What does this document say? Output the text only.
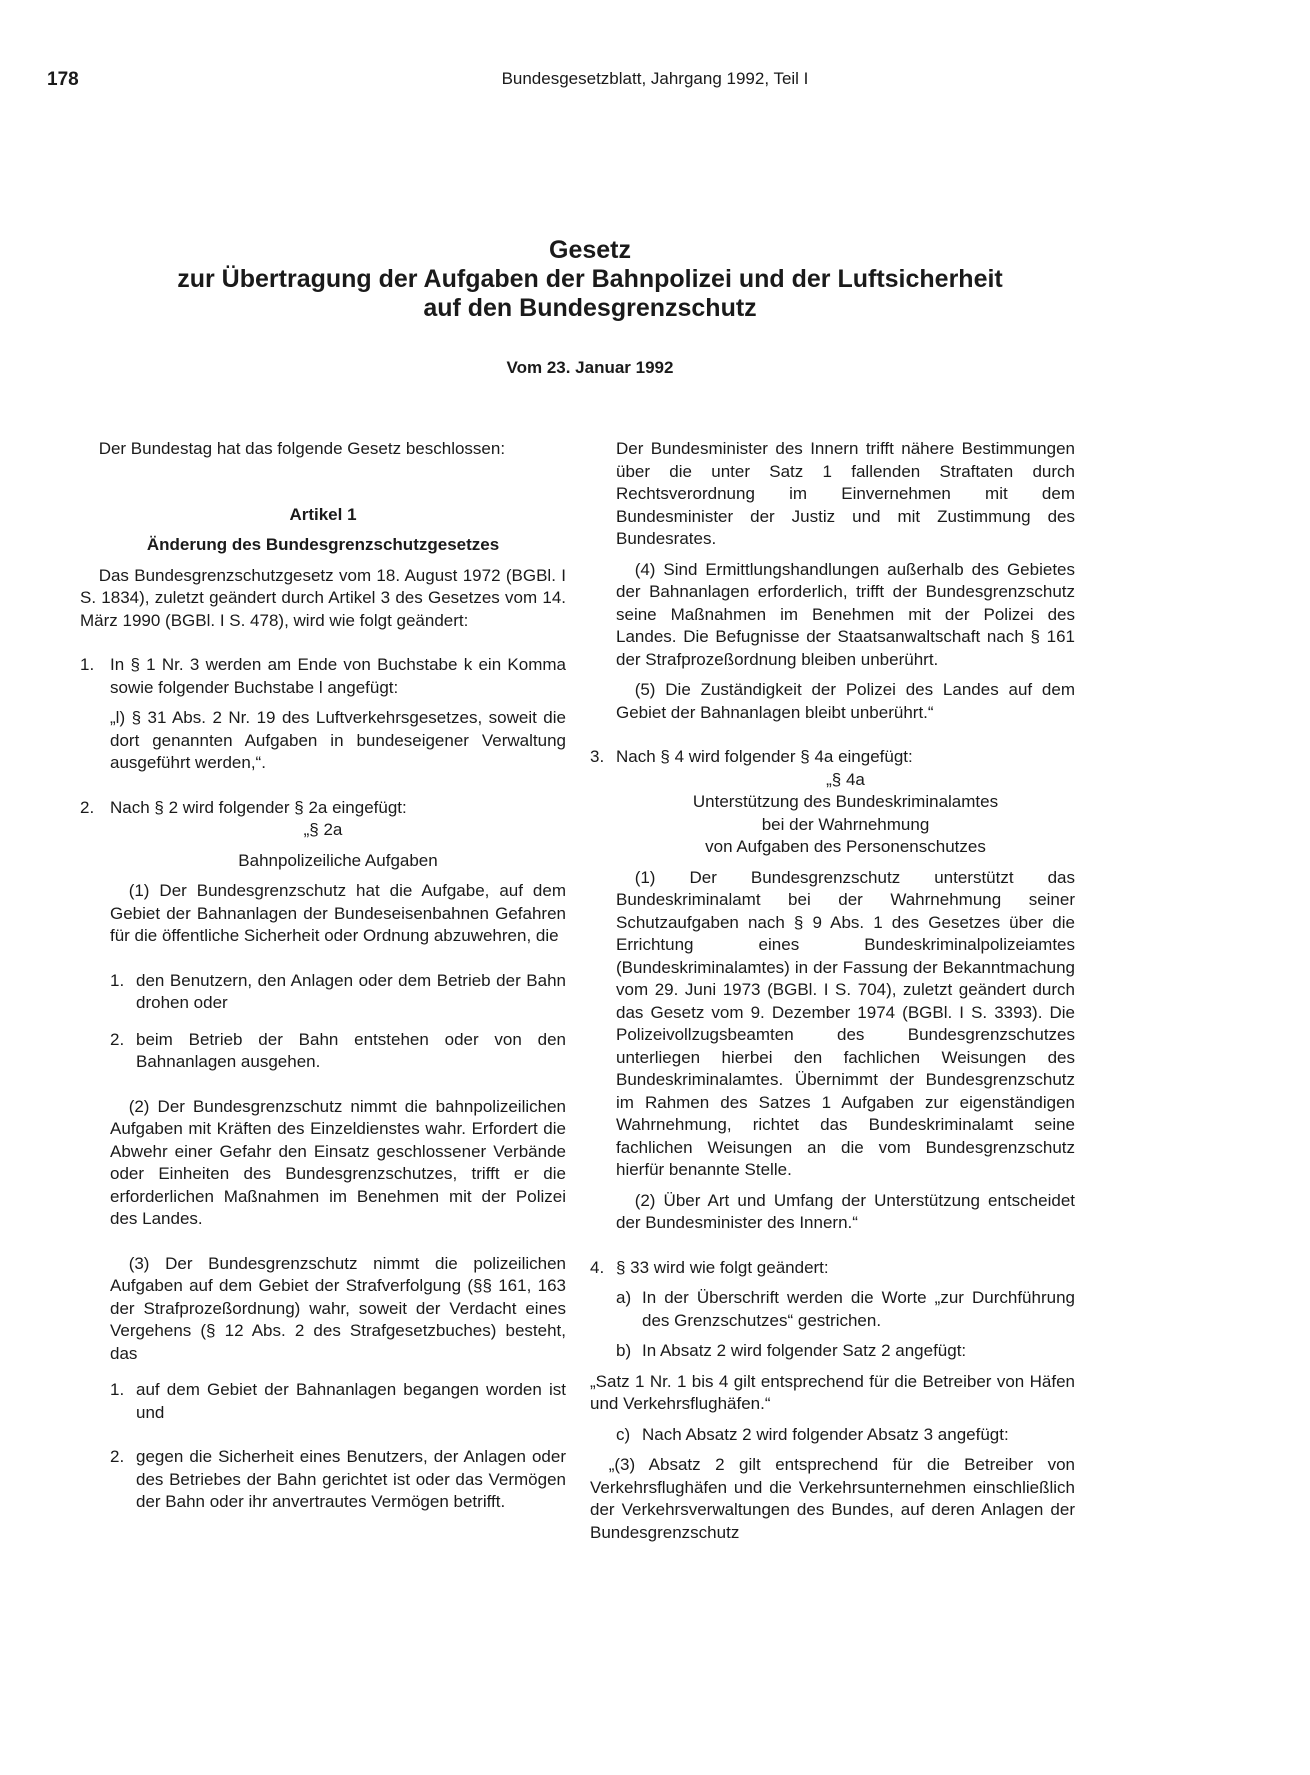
178	Bundesgesetzblatt, Jahrgang 1992, Teil I
Gesetz
zur Übertragung der Aufgaben der Bahnpolizei und der Luftsicherheit
auf den Bundesgrenzschutz
Vom 23. Januar 1992

Der Bundestag hat das folgende Gesetz beschlossen:

Artikel 1

Änderung des Bundesgrenzschutzgesetzes

Das Bundesgrenzschutzgesetz vom 18. August 1972 (BGBl. I S. 1834), zuletzt geändert durch Artikel 3 des Gesetzes vom 14. März 1990 (BGBl. I S. 478), wird wie folgt geändert:

1. In § 1 Nr. 3 werden am Ende von Buchstabe k ein Komma sowie folgender Buchstabe l angefügt:

„l) § 31 Abs. 2 Nr. 19 des Luftverkehrsgesetzes, soweit die dort genannten Aufgaben in bundeseigener Verwaltung ausgeführt werden,“.

2. Nach § 2 wird folgender § 2a eingefügt:

„§ 2a

Bahnpolizeiliche Aufgaben

(1) Der Bundesgrenzschutz hat die Aufgabe, auf dem Gebiet der Bahnanlagen der Bundeseisenbahnen Gefahren für die öffentliche Sicherheit oder Ordnung abzuwehren, die

1. den Benutzern, den Anlagen oder dem Betrieb der Bahn drohen oder
2. beim Betrieb der Bahn entstehen oder von den Bahnanlagen ausgehen.

(2) Der Bundesgrenzschutz nimmt die bahnpolizeilichen Aufgaben mit Kräften des Einzeldienstes wahr. Erfordert die Abwehr einer Gefahr den Einsatz geschlossener Verbände oder Einheiten des Bundesgrenzschutzes, trifft er die erforderlichen Maßnahmen im Benehmen mit der Polizei des Landes.

(3) Der Bundesgrenzschutz nimmt die polizeilichen Aufgaben auf dem Gebiet der Strafverfolgung (§§ 161, 163 der Strafprozeßordnung) wahr, soweit der Verdacht eines Vergehens (§ 12 Abs. 2 des Strafgesetzbuches) besteht, das

1. auf dem Gebiet der Bahnanlagen begangen worden ist und
2. gegen die Sicherheit eines Benutzers, der Anlagen oder des Betriebes der Bahn gerichtet ist oder das Vermögen der Bahn oder ihr anvertrautes Vermögen betrifft.

Der Bundesminister des Innern trifft nähere Bestimmungen über die unter Satz 1 fallenden Straftaten durch Rechtsverordnung im Einvernehmen mit dem Bundesminister der Justiz und mit Zustimmung des Bundesrates.

(4) Sind Ermittlungshandlungen außerhalb des Gebietes der Bahnanlagen erforderlich, trifft der Bundesgrenzschutz seine Maßnahmen im Benehmen mit der Polizei des Landes. Die Befugnisse der Staatsanwaltschaft nach § 161 der Strafprozeßordnung bleiben unberührt.

(5) Die Zuständigkeit der Polizei des Landes auf dem Gebiet der Bahnanlagen bleibt unberührt.“

3. Nach § 4 wird folgender § 4a eingefügt:

„§ 4a

Unterstützung des Bundeskriminalamtes

bei der Wahrnehmung

von Aufgaben des Personenschutzes

(1) Der Bundesgrenzschutz unterstützt das Bundeskriminalamt bei der Wahrnehmung seiner Schutzaufgaben nach § 9 Abs. 1 des Gesetzes über die Errichtung eines Bundeskriminalpolizeiamtes (Bundeskriminalamtes) in der Fassung der Bekanntmachung vom 29. Juni 1973 (BGBl. I S. 704), zuletzt geändert durch das Gesetz vom 9. Dezember 1974 (BGBl. I S. 3393). Die Polizeivollzugsbeamten des Bundesgrenzschutzes unterliegen hierbei den fachlichen Weisungen des Bundeskriminalamtes. Übernimmt der Bundesgrenzschutz im Rahmen des Satzes 1 Aufgaben zur eigenständigen Wahrnehmung, richtet das Bundeskriminalamt seine fachlichen Weisungen an die vom Bundesgrenzschutz hierfür benannte Stelle.

(2) Über Art und Umfang der Unterstützung entscheidet der Bundesminister des Innern.“

4. § 33 wird wie folgt geändert:
a) In der Überschrift werden die Worte „zur Durchführung des Grenzschutzes“ gestrichen.
b) In Absatz 2 wird folgender Satz 2 angefügt:

„Satz 1 Nr. 1 bis 4 gilt entsprechend für die Betreiber von Häfen und Verkehrsflughäfen.“

c) Nach Absatz 2 wird folgender Absatz 3 angefügt:

„(3) Absatz 2 gilt entsprechend für die Betreiber von Verkehrsflughäfen und die Verkehrsunternehmen einschließlich der Verkehrsverwaltungen des Bundes, auf deren Anlagen der Bundesgrenzschutz
